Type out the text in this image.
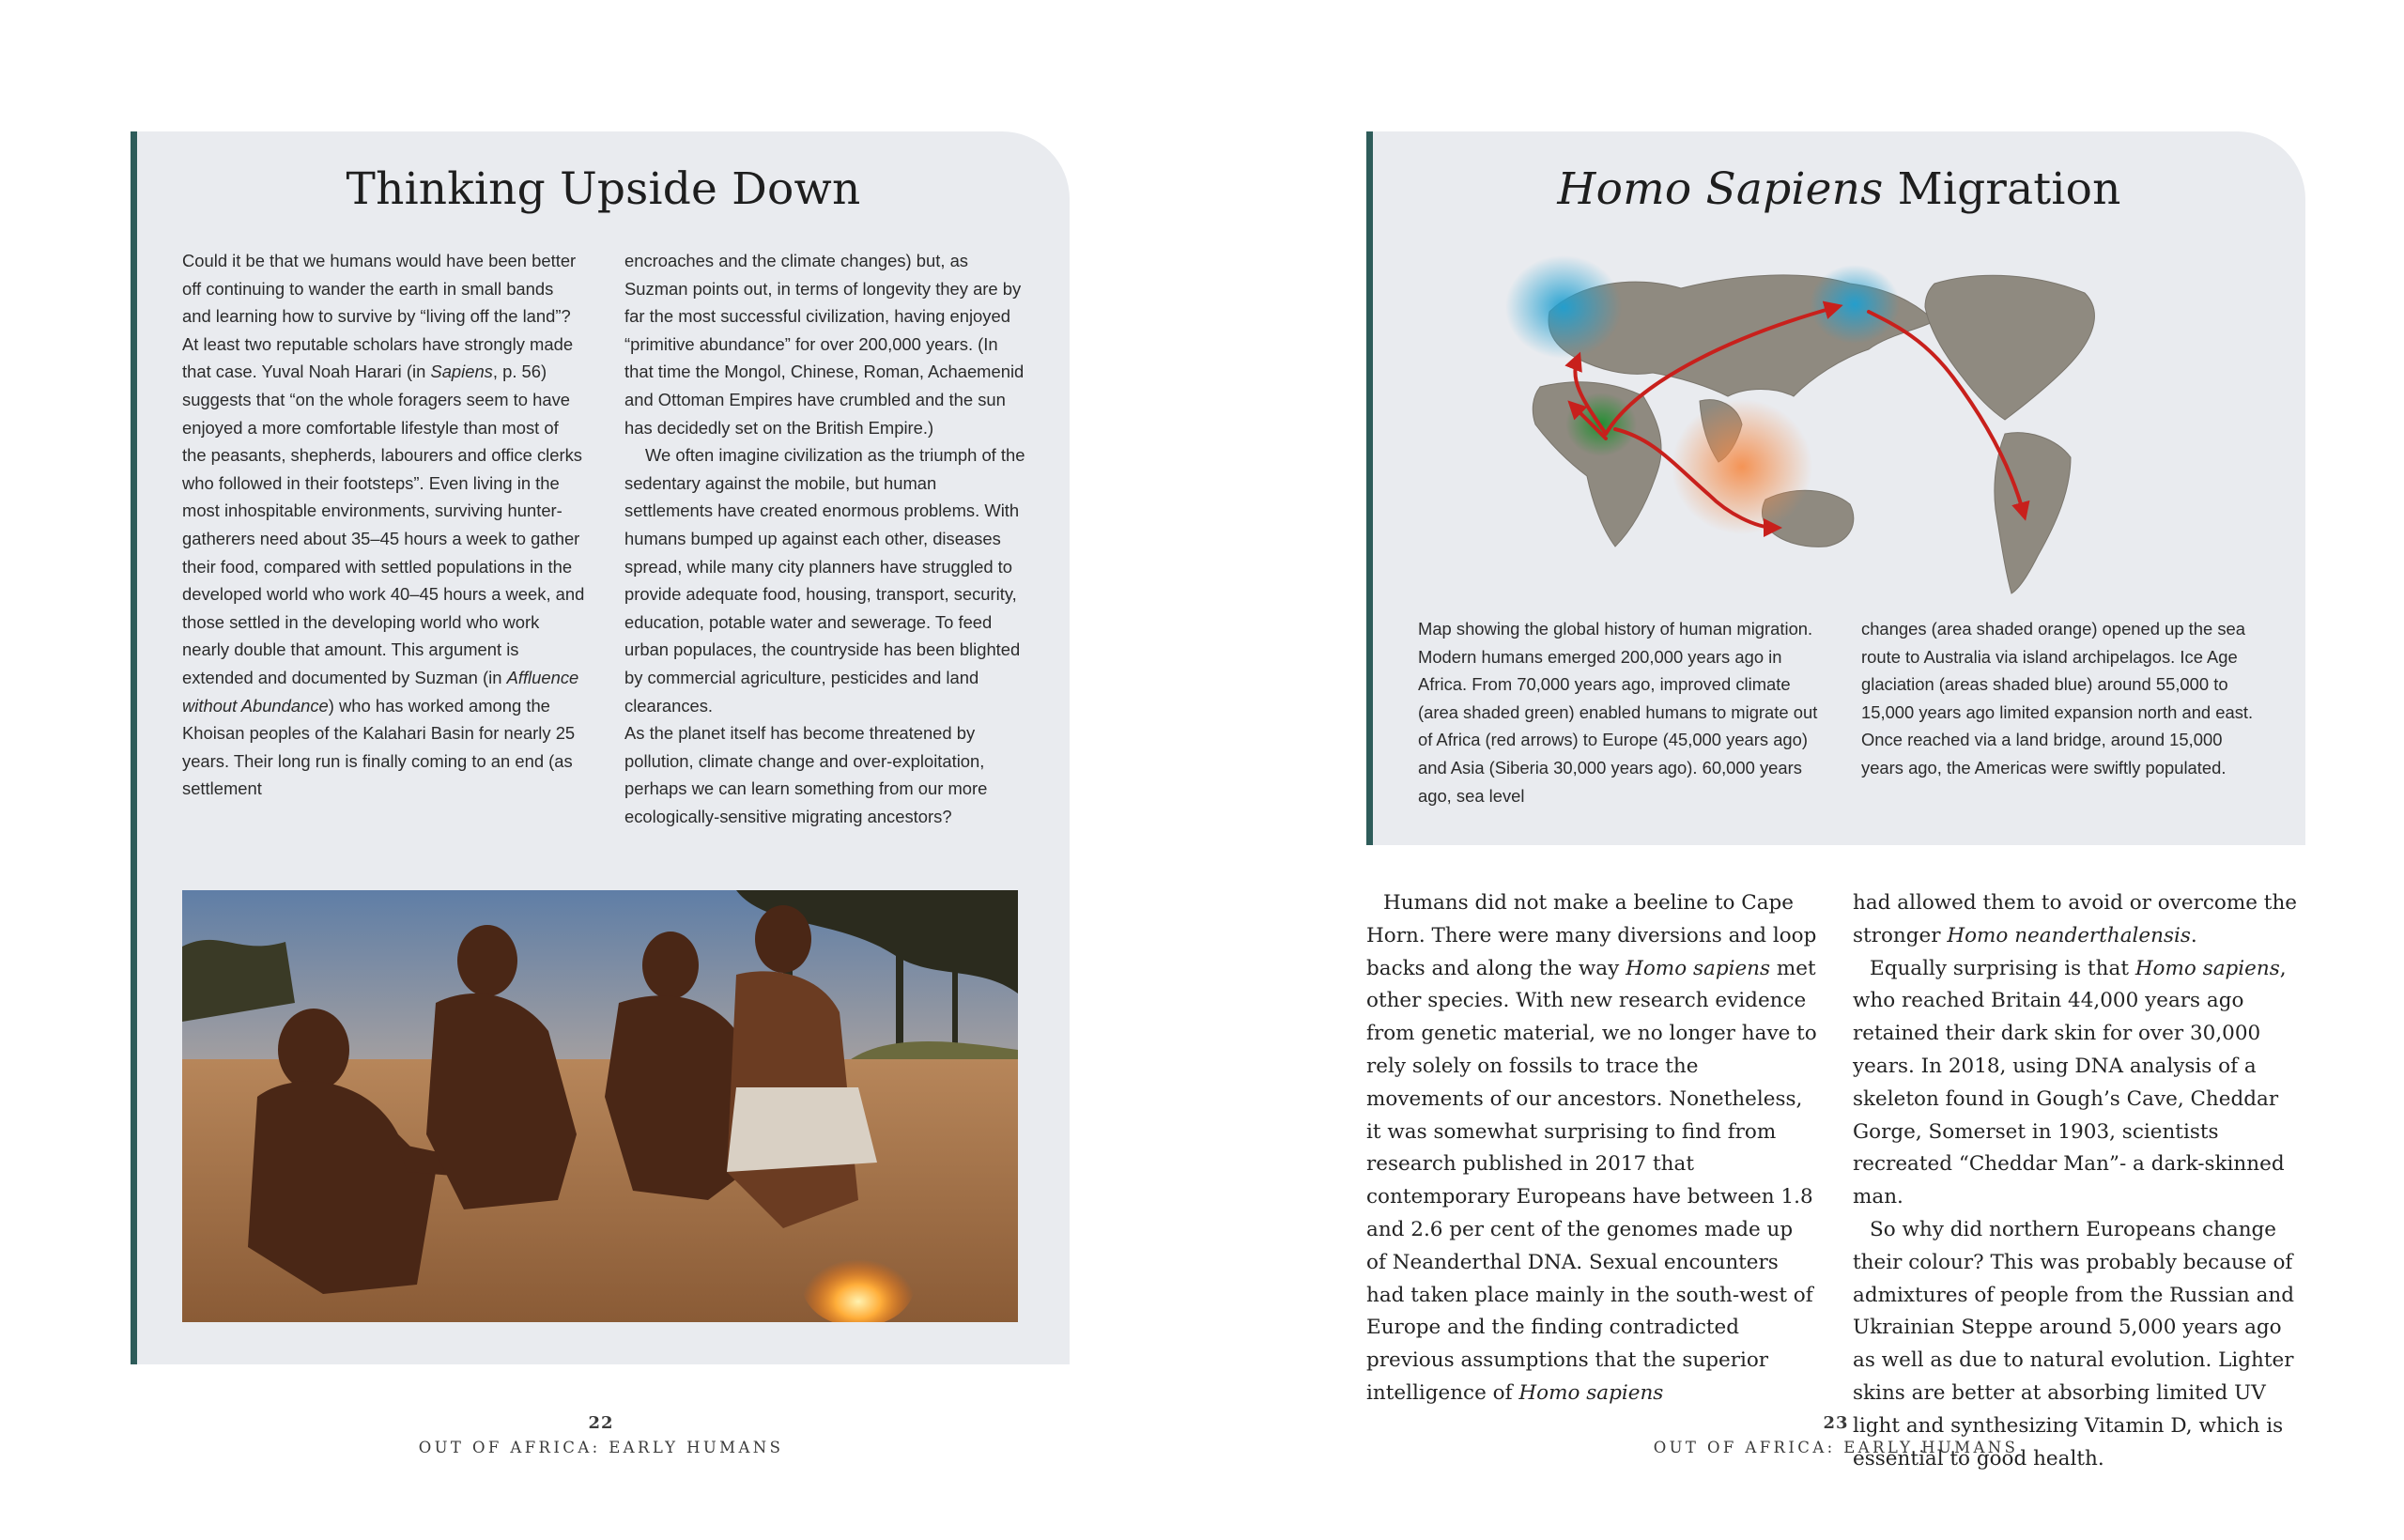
Thinking Upside Down

Could it be that we humans would have been better off continuing to wander the earth in small bands and learning how to survive by “living off the land”? At least two reputable scholars have strongly made that case. Yuval Noah Harari (in Sapiens, p. 56) suggests that “on the whole foragers seem to have enjoyed a more comfortable lifestyle than most of the peasants, shepherds, labourers and office clerks who followed in their footsteps”. Even living in the most inhospitable environments, surviving hunter-gatherers need about 35–45 hours a week to gather their food, compared with settled populations in the developed world who work 40–45 hours a week, and those settled in the developing world who work nearly double that amount. This argument is extended and documented by Suzman (in Affluence without Abundance) who has worked among the Khoisan peoples of the Kalahari Basin for nearly 25 years. Their long run is finally coming to an end (as settlement

encroaches and the climate changes) but, as Suzman points out, in terms of longevity they are by far the most successful civilization, having enjoyed “primitive abundance” for over 200,000 years. (In that time the Mongol, Chinese, Roman, Achaemenid and Ottoman Empires have crumbled and the sun has decidedly set on the British Empire.)

We often imagine civilization as the triumph of the sedentary against the mobile, but human settlements have created enormous problems. With humans bumped up against each other, diseases spread, while many city planners have struggled to provide adequate food, housing, transport, security, education, potable water and sewerage. To feed urban populaces, the countryside has been blighted by commercial agriculture, pesticides and land clearances.

As the planet itself has become threatened by pollution, climate change and over-exploitation, perhaps we can learn something from our more ecologically-sensitive migrating ancestors?

22
OUT OF AFRICA: EARLY HUMANS
Homo Sapiens Migration

Map showing the global history of human migration. Modern humans emerged 200,000 years ago in Africa. From 70,000 years ago, improved climate (area shaded green) enabled humans to migrate out of Africa (red arrows) to Europe (45,000 years ago) and Asia (Siberia 30,000 years ago). 60,000 years ago, sea level

changes (area shaded orange) opened up the sea route to Australia via island archipelagos. Ice Age glaciation (areas shaded blue) around 55,000 to 15,000 years ago limited expansion north and east. Once reached via a land bridge, around 15,000 years ago, the Americas were swiftly populated.

Humans did not make a beeline to Cape Horn. There were many diversions and loop backs and along the way Homo sapiens met other species. With new research evidence from genetic material, we no longer have to rely solely on fossils to trace the movements of our ancestors. Nonetheless, it was somewhat surprising to find from research published in 2017 that contemporary Europeans have between 1.8 and 2.6 per cent of the genomes made up of Neanderthal DNA. Sexual encounters had taken place mainly in the south-west of Europe and the finding contradicted previous assumptions that the superior intelligence of Homo sapiens

had allowed them to avoid or overcome the stronger Homo neanderthalensis.

Equally surprising is that Homo sapiens, who reached Britain 44,000 years ago retained their dark skin for over 30,000 years. In 2018, using DNA analysis of a skeleton found in Gough’s Cave, Cheddar Gorge, Somerset in 1903, scientists recreated “Cheddar Man”- a dark-skinned man.

So why did northern Europeans change their colour? This was probably because of admixtures of people from the Russian and Ukrainian Steppe around 5,000 years ago as well as due to natural evolution. Lighter skins are better at absorbing limited UV light and synthesizing Vitamin D, which is essential to good health.

23
OUT OF AFRICA: EARLY HUMANS
